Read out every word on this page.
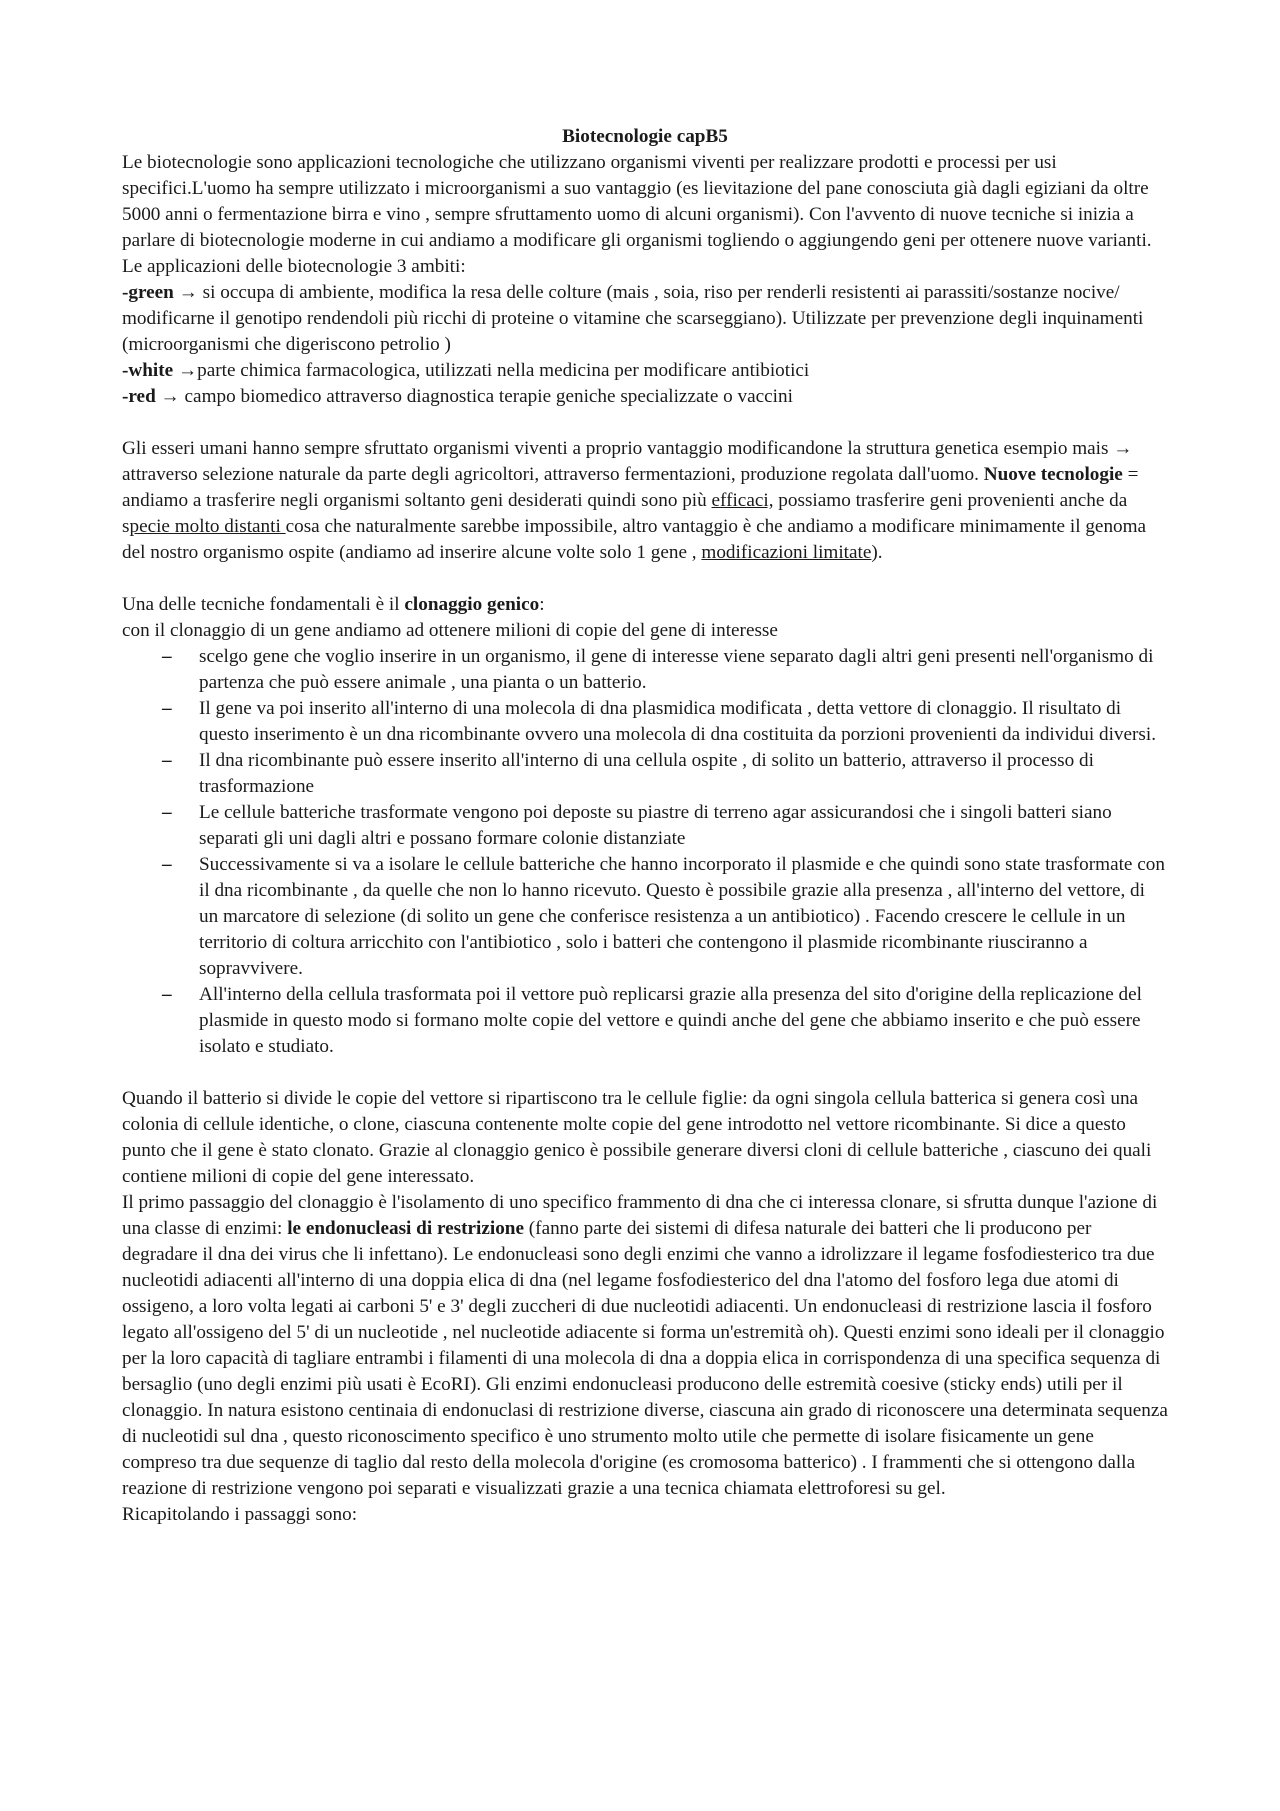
Biotecnologie capB5

Le biotecnologie sono applicazioni tecnologiche che utilizzano organismi viventi per realizzare prodotti e processi per usi specifici.L'uomo ha sempre utilizzato i microorganismi a suo vantaggio (es lievitazione del pane conosciuta già dagli egiziani da oltre 5000 anni o fermentazione birra e vino , sempre sfruttamento uomo di alcuni organismi). Con l'avvento di nuove tecniche si inizia a parlare di biotecnologie moderne in cui andiamo a modificare gli organismi togliendo o aggiungendo geni per ottenere nuove varianti. Le applicazioni delle biotecnologie 3 ambiti:

-green → si occupa di ambiente, modifica la resa delle colture (mais , soia, riso per renderli resistenti ai parassiti/sostanze nocive/ modificarne il genotipo rendendoli più ricchi di proteine o vitamine che scarseggiano). Utilizzate per prevenzione degli inquinamenti (microorganismi che digeriscono petrolio )

-white →parte chimica farmacologica, utilizzati nella medicina per modificare antibiotici

-red → campo biomedico attraverso diagnostica terapie geniche specializzate o vaccini

Gli esseri umani hanno sempre sfruttato organismi viventi a proprio vantaggio modificandone la struttura genetica esempio mais → attraverso selezione naturale da parte degli agricoltori, attraverso fermentazioni, produzione regolata dall'uomo. Nuove tecnologie = andiamo a trasferire negli organismi soltanto geni desiderati quindi sono più efficaci, possiamo trasferire geni provenienti anche da specie molto distanti cosa che naturalmente sarebbe impossibile, altro vantaggio è che andiamo a modificare minimamente il genoma del nostro organismo ospite (andiamo ad inserire alcune volte solo 1 gene , modificazioni limitate).

Una delle tecniche fondamentali è il clonaggio genico:

con il clonaggio di un gene andiamo ad ottenere milioni di copie del gene di interesse

– scelgo gene che voglio inserire in un organismo, il gene di interesse viene separato dagli altri geni presenti nell'organismo di partenza che può essere animale , una pianta o un batterio.
– Il gene va poi inserito all'interno di una molecola di dna plasmidica modificata , detta vettore di clonaggio. Il risultato di questo inserimento è un dna ricombinante ovvero una molecola di dna costituita da porzioni provenienti da individui diversi.
– Il dna ricombinante può essere inserito all'interno di una cellula ospite , di solito un batterio, attraverso il processo di trasformazione
– Le cellule batteriche trasformate vengono poi deposte su piastre di terreno agar assicurandosi che i singoli batteri siano separati gli uni dagli altri e possano formare colonie distanziate
– Successivamente si va a isolare le cellule batteriche che hanno incorporato il plasmide e che quindi sono state trasformate con il dna ricombinante , da quelle che non lo hanno ricevuto. Questo è possibile grazie alla presenza , all'interno del vettore, di un marcatore di selezione (di solito un gene che conferisce resistenza a un antibiotico) . Facendo crescere le cellule in un territorio di coltura arricchito con l'antibiotico , solo i batteri che contengono il plasmide ricombinante riusciranno a sopravvivere.
– All'interno della cellula trasformata poi il vettore può replicarsi grazie alla presenza del sito d'origine della replicazione del plasmide in questo modo si formano molte copie del vettore e quindi anche del gene che abbiamo inserito e che può essere isolato e studiato.

Quando il batterio si divide le copie del vettore si ripartiscono tra le cellule figlie: da ogni singola cellula batterica si genera così una colonia di cellule identiche, o clone, ciascuna contenente molte copie del gene introdotto nel vettore ricombinante. Si dice a questo punto che il gene è stato clonato. Grazie al clonaggio genico è possibile generare diversi cloni di cellule batteriche , ciascuno dei quali contiene milioni di copie del gene interessato.

Il primo passaggio del clonaggio è l'isolamento di uno specifico frammento di dna che ci interessa clonare, si sfrutta dunque l'azione di una classe di enzimi: le endonucleasi di restrizione (fanno parte dei sistemi di difesa naturale dei batteri che li producono per degradare il dna dei virus che li infettano). Le endonucleasi sono degli enzimi che vanno a idrolizzare il legame fosfodiesterico tra due nucleotidi adiacenti all'interno di una doppia elica di dna (nel legame fosfodiesterico del dna l'atomo del fosforo lega due atomi di ossigeno, a loro volta legati ai carboni 5' e 3' degli zuccheri di due nucleotidi adiacenti. Un endonucleasi di restrizione lascia il fosforo legato all'ossigeno del 5' di un nucleotide , nel nucleotide adiacente si forma un'estremità oh). Questi enzimi sono ideali per il clonaggio per la loro capacità di tagliare entrambi i filamenti di una molecola di dna a doppia elica in corrispondenza di una specifica sequenza di bersaglio (uno degli enzimi più usati è EcoRI). Gli enzimi endonucleasi producono delle estremità coesive (sticky ends) utili per il clonaggio. In natura esistono centinaia di endonuclasi di restrizione diverse, ciascuna ain grado di riconoscere una determinata sequenza di nucleotidi sul dna , questo riconoscimento specifico è uno strumento molto utile che permette di isolare fisicamente un gene compreso tra due sequenze di taglio dal resto della molecola d'origine (es cromosoma batterico) . I frammenti che si ottengono dalla reazione di restrizione vengono poi separati e visualizzati grazie a una tecnica chiamata elettroforesi su gel.

Ricapitolando i passaggi sono:
